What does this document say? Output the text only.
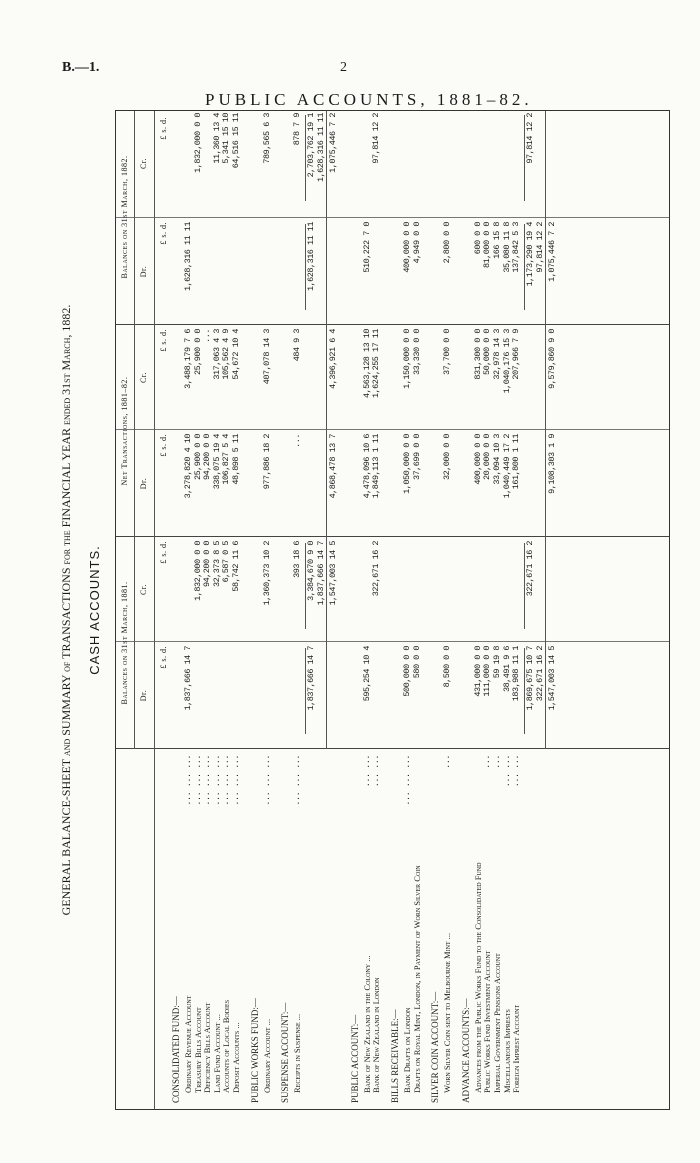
B.—1.	2
PUBLIC ACCOUNTS, 1881–82.
GENERAL BALANCE-SHEET and SUMMARY of TRANSACTIONS for the FINANCIAL YEAR ended 31st March, 1882. CASH ACCOUNTS. Balances on 31st March, 1881.
Net Transactions, 1881–82.
Balances on 31st March, 1882.
Dr.
Cr.
Dr.
Cr.
Dr.
Cr.
£ s. d.
£ s. d.
£ s. d.
£ s. d.
£ s. d.
£ s. d.
CONSOLIDATED FUND:— Ordinary Revenue Account
... ... ...
1,837,666 14 7
3,278,820 4 10
3,488,179 7 6
1,628,316 11 11
Treasury Bills Account
... ... ...
1,832,000 0 0
25,900 0 0
25,900 0 0
1,832,000 0 0
Deficiency Bills Account
... ... ...
94,200 0 0
94,200 0 0
...
Land Fund Account ...
... ... ...
32,373 8 5
338,075 19 4
317,063 4 3
11,360 13 4
Accounts of Local Bodies
... ... ...
6,587 0 5
106,827 5 4
105,562 4 9
5,341 15 10
Deposit Accounts ...
... ... ...
58,742 11 6
48,898 5 11
54,672 10 4
64,516 15 11
PUBLIC WORKS FUND:— Ordinary Account ...
... ... ...
1,360,373 10 2
977,886 18 2
407,078 14 3
789,565 6 3
SUSPENSE ACCOUNT:— Receipts in Suspense ...
... ... ...
393 18 6
...
484 9 3
878 7 9
1,837,666 14 7
3,384,670 9 0
1,628,316 11 11
2,703,762 19 1
1,837,666 14 7
1,628,316 11 11
1,547,003 14 5
4,868,478 13 7
4,396,921 6 4
1,075,446 7 2
PUBLIC ACCOUNT:— Bank of New Zealand in the Colony ...
... ...
595,254 10 4
4,478,096 10 6
4,563,128 13 10
510,222 7 0
Bank of New Zealand in London
... ...
322,671 16 2
1,849,113 1 11
1,624,255 17 11
97,814 12 2
BILLS RECEIVABLE:— Bank Drafts on London
... ... ...
500,000 0 0
1,050,000 0 0
1,150,000 0 0
400,000 0 0
Drafts on Royal Mint, London, in Payment of Worn Silver Coin
580 0 0
37,699 0 0
33,330 0 0
4,949 0 0
SILVER COIN ACCOUNT:— Worn Silver Coin sent to Melbourne Mint ...
...
8,500 0 0
32,000 0 0
37,700 0 0
2,800 0 0
ADVANCE ACCOUNTS:— Advances from the Public Works Fund to the Consolidated Fund
431,000 0 0
400,000 0 0
831,300 0 0
600 0 0
Public Works Fund Investment Account
...
111,000 0 0
20,000 0 0
50,000 0 0
81,000 0 0
Imperial Government Pensions Account
...
59 19 8
33,094 10 3
32,978 14 3
166 15 8
Miscellaneous Imprests
... ...
38,491 9 6
1,040,449 17 2
1,040,176 15 3
35,080 11 8
Foreign Imprest Account
... ...
183,988 11 1
161,800 1 11
207,966 7 9
137,842 5 3
1,869,675 10 7
322,671 16 2
1,173,290 19 4
97,814 12 2
322,671 16 2
97,814 12 2
1,547,003 14 5
9,108,303 1 9
9,579,860 9 0
1,075,446 7 2
